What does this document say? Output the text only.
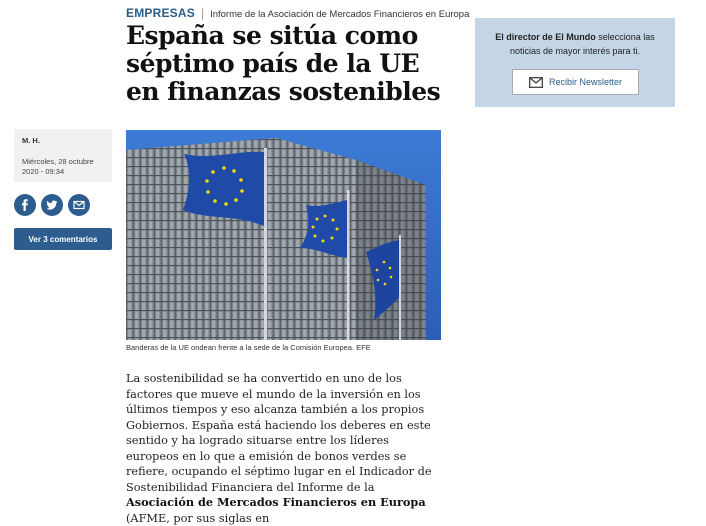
EMPRESAS | Informe de la Asociación de Mercados Financieros en Europa
España se sitúa como séptimo país de la UE en finanzas sostenibles
M. H.
Miércoles, 28 octubre 2020 - 09:34
Ver 3 comentarios
Banderas de la UE ondean frente a la sede de la Comisión Europea. EFE

La sostenibilidad se ha convertido en uno de los factores que mueve el mundo de la inversión en los últimos tiempos y eso alcanza también a los propios Gobiernos. España está haciendo los deberes en este sentido y ha logrado situarse entre los líderes europeos en lo que a emisión de bonos verdes se refiere, ocupando el séptimo lugar en el Indicador de Sostenibilidad Financiera del Informe de la Asociación de Mercados Financieros en Europa (AFME, por sus siglas en

El director de El Mundo selecciona las noticias de mayor interés para ti.
Recibir Newsletter
